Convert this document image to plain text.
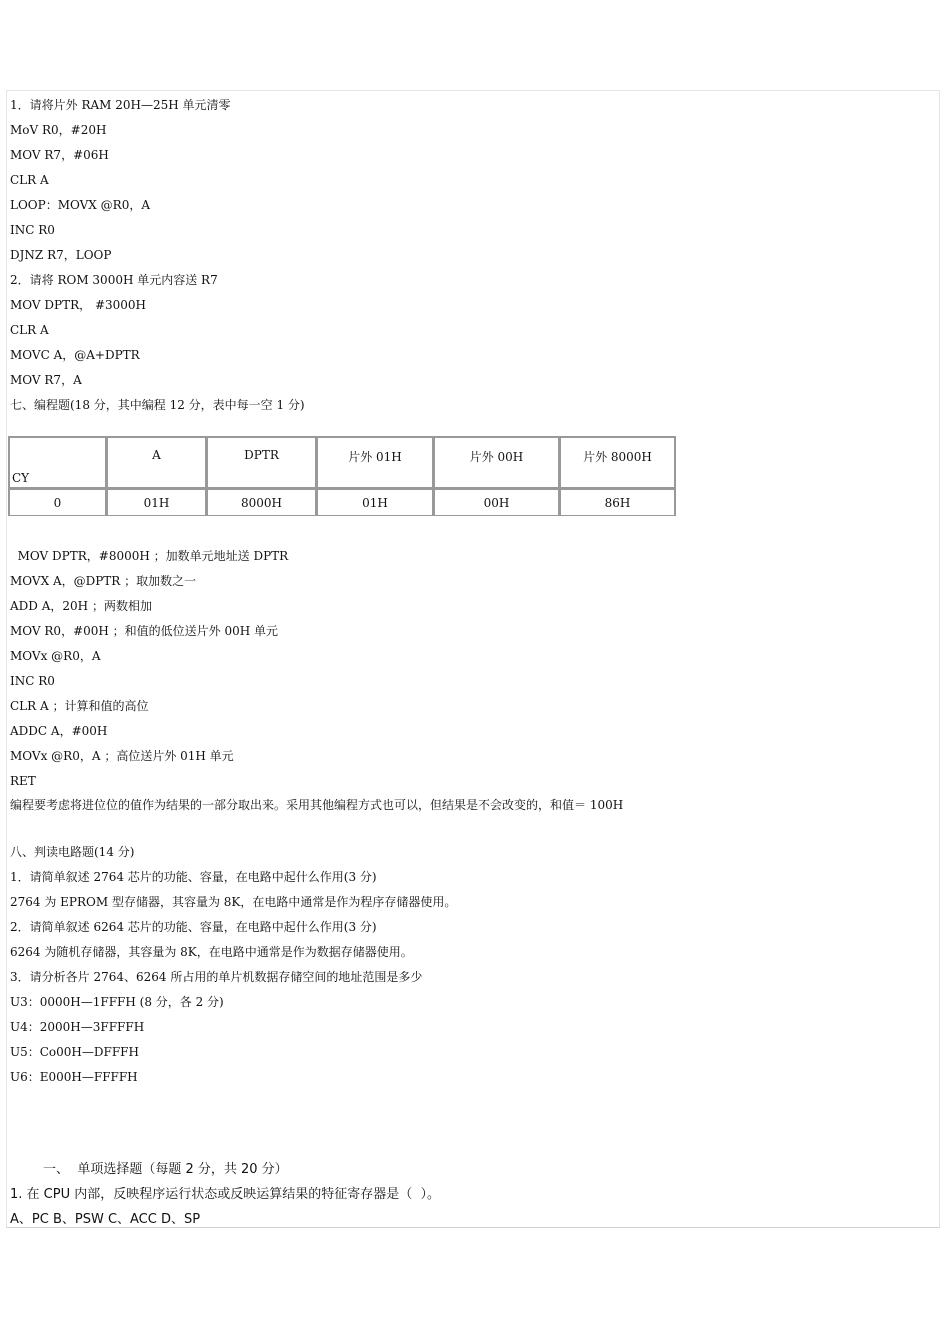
1．请将片外 RAM 20H—25H 单元清零
MoV R0，#20H
MOV R7，#06H
CLR A
LOOP：MOVX @R0，A
INC R0
DJNZ R7，LOOP
2．请将 ROM 3000H 单元内容送 R7
MOV DPTR， #3000H
CLR A
MOVC A，@A+DPTR
MOV R7，A
七、编程题(18 分，其中编程 12 分，表中每一空 1 分)
CY	A	DPTR	片外 01H	片外 00H	片外 8000H
0	01H	8000H	01H	00H	86H
MOV DPTR，#8000H ；加数单元地址送 DPTR
MOVX A，@DPTR ；取加数之一
ADD A，20H ；两数相加
MOV R0，#00H ；和值的低位送片外 00H 单元
MOVx @R0，A
INC R0
CLR A ；计算和值的高位
ADDC A，#00H
MOVx @R0，A ；高位送片外 01H 单元
RET
编程要考虑将进位位的值作为结果的一部分取出来。采用其他编程方式也可以，但结果是不会改变的，和值＝ 100H
八、判读电路题(14 分)
1．请简单叙述 2764 芯片的功能、容量，在电路中起什么作用(3 分)
2764 为 EPROM 型存储器，其容量为 8K，在电路中通常是作为程序存储器使用。
2．请简单叙述 6264 芯片的功能、容量，在电路中起什么作用(3 分)
6264 为随机存储器，其容量为 8K，在电路中通常是作为数据存储器使用。
3．请分析各片 2764、6264 所占用的单片机数据存储空间的地址范围是多少
U3：0000H—1FFFH (8 分，各 2 分)
U4：2000H—3FFFFH
U5：Co00H—DFFFH
U6：E000H—FFFFH
一、  单项选择题（每题 2 分，共 20 分）
1. 在 CPU 内部，反映程序运行状态或反映运算结果的特征寄存器是（  ）。
A、PC B、PSW C、ACC D、SP
